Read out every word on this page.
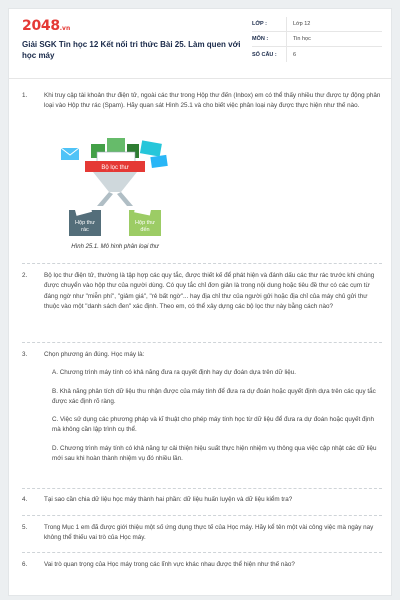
2048.vn
Giải SGK Tin học 12 Kết nối tri thức Bài 25. Làm quen với học máy
LỚP :	Lớp 12
MÔN :	Tin học
SỐ CÂU :	6
1.	Khi truy cập tài khoản thư điện tử, ngoài các thư trong Hộp thư đến (Inbox) em có thể thấy nhiều thư được tự động phân loại vào Hộp thư rác (Spam). Hãy quan sát Hình 25.1 và cho biết việc phân loại này được thực hiện như thế nào.
Bộ lọc thư
Hộp thư rác
Hộp thư đến
Hình 25.1. Mô hình phân loại thư
2.	Bộ lọc thư điện tử, thường là tập hợp các quy tắc, được thiết kế để phát hiện và đánh dấu các thư rác trước khi chúng được chuyển vào hộp thư của người dùng. Có quy tắc chỉ đơn giản là trong nội dung hoặc tiêu đề thư có các cụm từ đáng ngờ như "miễn phí", "giảm giá", "rẻ bất ngờ"... hay địa chỉ thư của người gửi hoặc địa chỉ của máy chủ gửi thư thuộc vào một "danh sách đen" xác định. Theo em, có thể xây dựng các bộ lọc thư này bằng cách nào?
3.	Chọn phương án đúng. Học máy là:
A. Chương trình máy tính có khả năng đưa ra quyết định hay dự đoán dựa trên dữ liệu.
B. Khả năng phân tích dữ liệu thu nhận được của máy tính để đưa ra dự đoán hoặc quyết định dựa trên các quy tắc được xác định rõ ràng.
C. Việc sử dụng các phương pháp và kĩ thuật cho phép máy tính học từ dữ liệu để đưa ra dự đoán hoặc quyết định mà không cần lập trình cụ thể.
D. Chương trình máy tính có khả năng tự cải thiện hiệu suất thực hiện nhiệm vụ thông qua việc cập nhật các dữ liệu mới sau khi hoàn thành nhiệm vụ đó nhiều lần.
4.	Tại sao cần chia dữ liệu học máy thành hai phần: dữ liệu huấn luyện và dữ liệu kiểm tra?
5.	Trong Mục 1 em đã được giới thiệu một số ứng dụng thực tế của Học máy. Hãy kể tên một vài công việc mà ngày nay không thể thiếu vai trò của Học máy.
6.	Vai trò quan trọng của Học máy trong các lĩnh vực khác nhau được thể hiện như thế nào?
